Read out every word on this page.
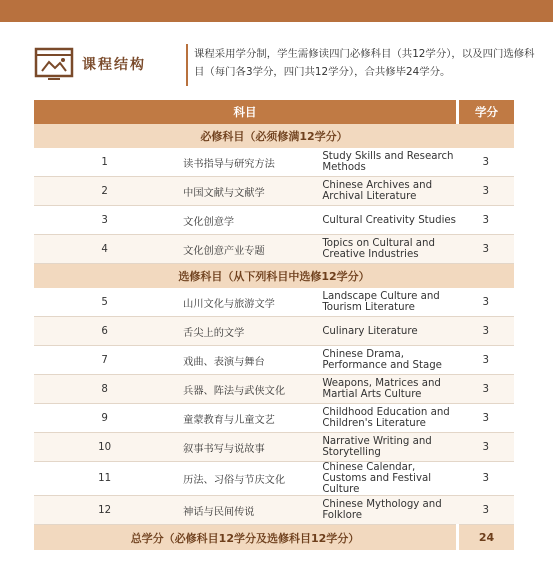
课程结构
课程采用学分制，学生需修读四门必修科目（共12学分），以及四门选修科目（每门各3学分，四门共12学分），合共修毕24学分。
科目			学分
必修科目（必须修满12学分）			
1	读书指导与研究方法	Study Skills and Research Methods	3
2	中国文献与文献学	Chinese Archives and Archival Literature	3
3	文化创意学	Cultural Creativity Studies	3
4	文化创意产业专题	Topics on Cultural and Creative Industries	3
选修科目（从下列科目中选修12学分）			
5	山川文化与旅游文学	Landscape Culture and Tourism Literature	3
6	舌尖上的文学	Culinary Literature	3
7	戏曲、表演与舞台	Chinese Drama, Performance and Stage	3
8	兵器、阵法与武侠文化	Weapons, Matrices and Martial Arts Culture	3
9	童蒙教育与儿童文艺	Childhood Education and Children's Literature	3
10	叙事书写与说故事	Narrative Writing and Storytelling	3
11	历法、习俗与节庆文化	Chinese Calendar, Customs and Festival Culture	3
12	神话与民间传说	Chinese Mythology and Folklore	3
总学分（必修科目12学分及选修科目12学分）			24
